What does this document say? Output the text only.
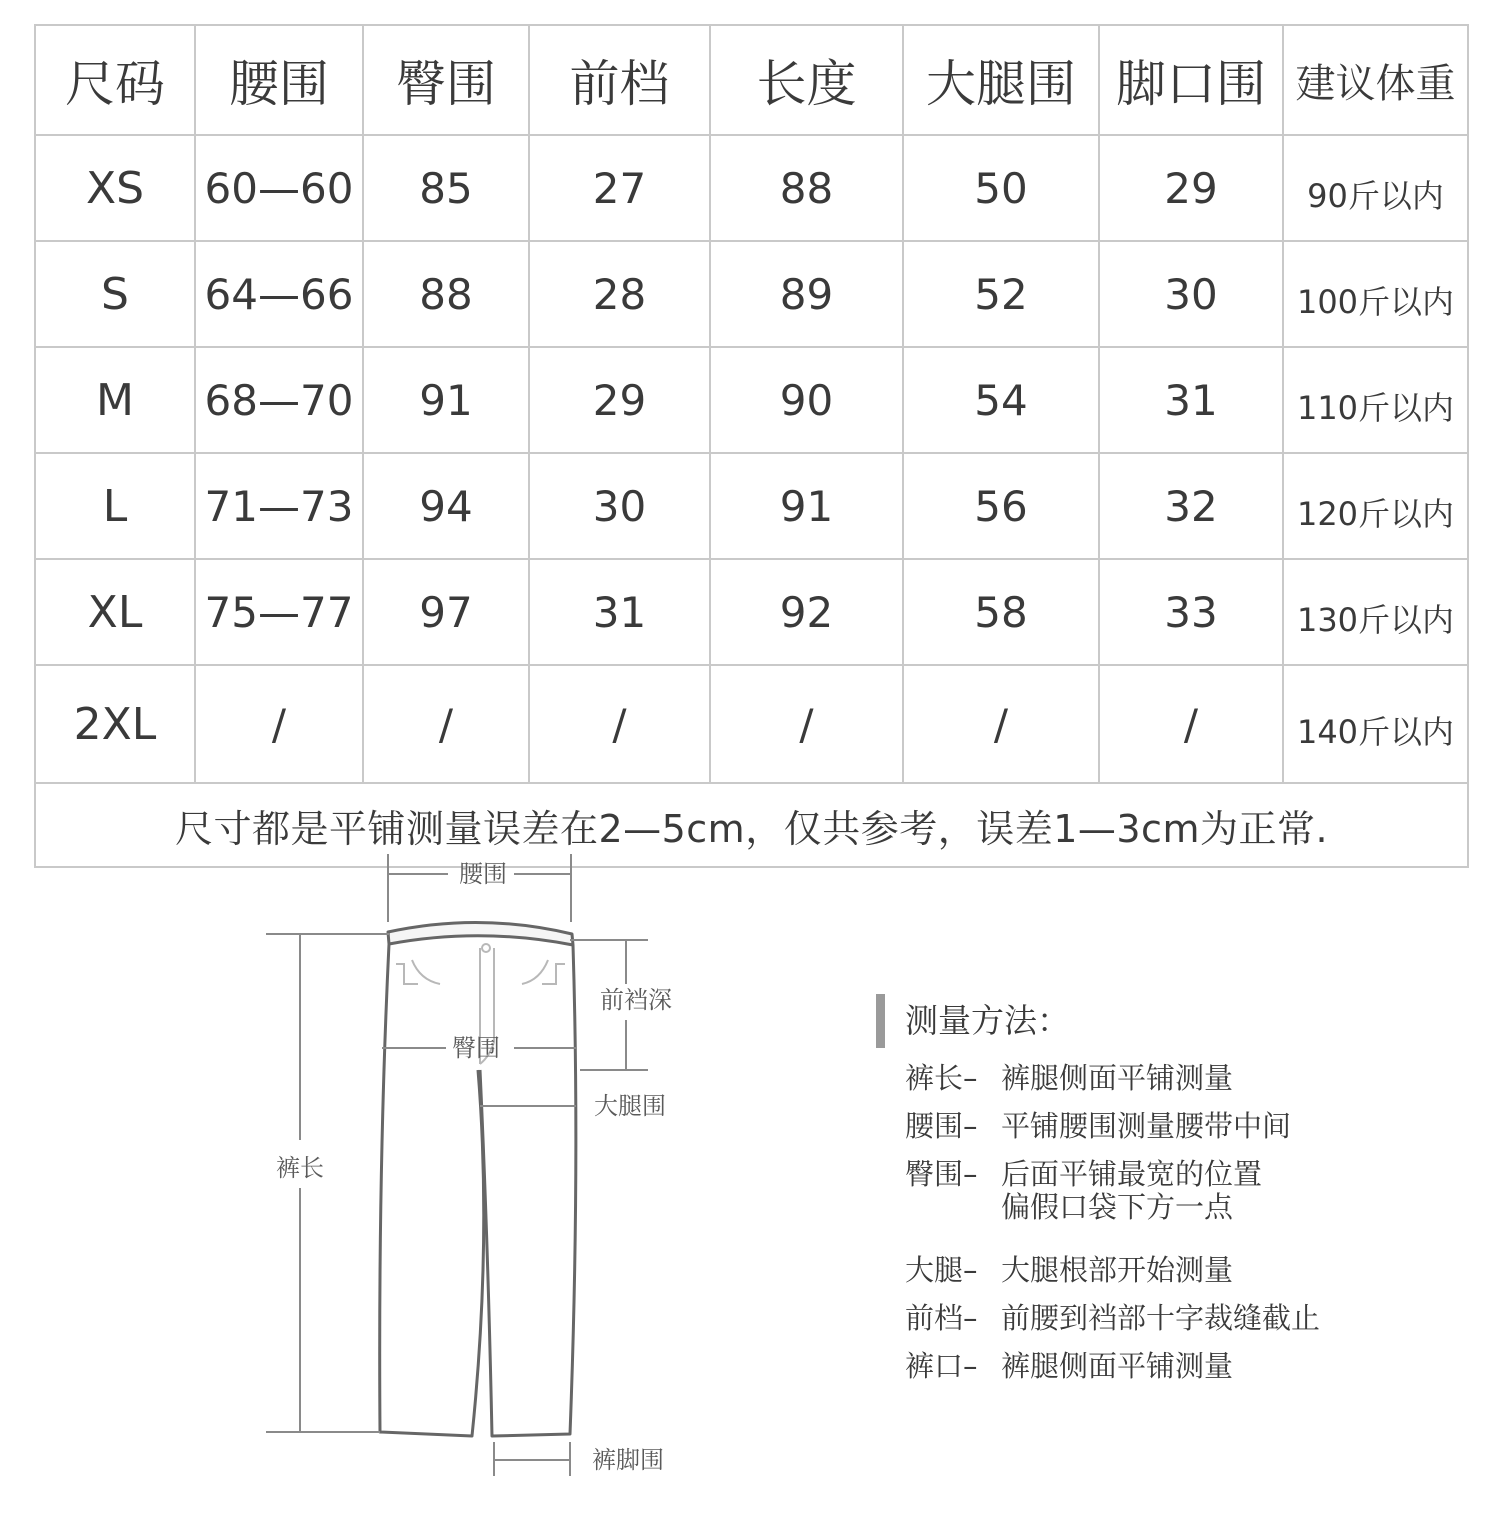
尺码	腰围	臀围	前档	长度	大腿围	脚口围	建议体重
XS	60—60	85	27	88	50	29	90斤以内
S	64—66	88	28	89	52	30	100斤以内
M	68—70	91	29	90	54	31	110斤以内
L	71—73	94	30	91	56	32	120斤以内
XL	75—77	97	31	92	58	33	130斤以内
2XL	/	/	/	/	/	/	140斤以内
尺寸都是平铺测量误差在2—5cm，仅共参考，误差1—3cm为正常.							
腰围
前裆深
臀围
大腿围
裤长
裤脚围
测量方法：
裤长– 裤腿侧面平铺测量
腰围– 平铺腰围测量腰带中间
臀围– 后面平铺最宽的位置
偏假口袋下方一点
大腿– 大腿根部开始测量
前档– 前腰到裆部十字裁缝截止
裤口– 裤腿侧面平铺测量
